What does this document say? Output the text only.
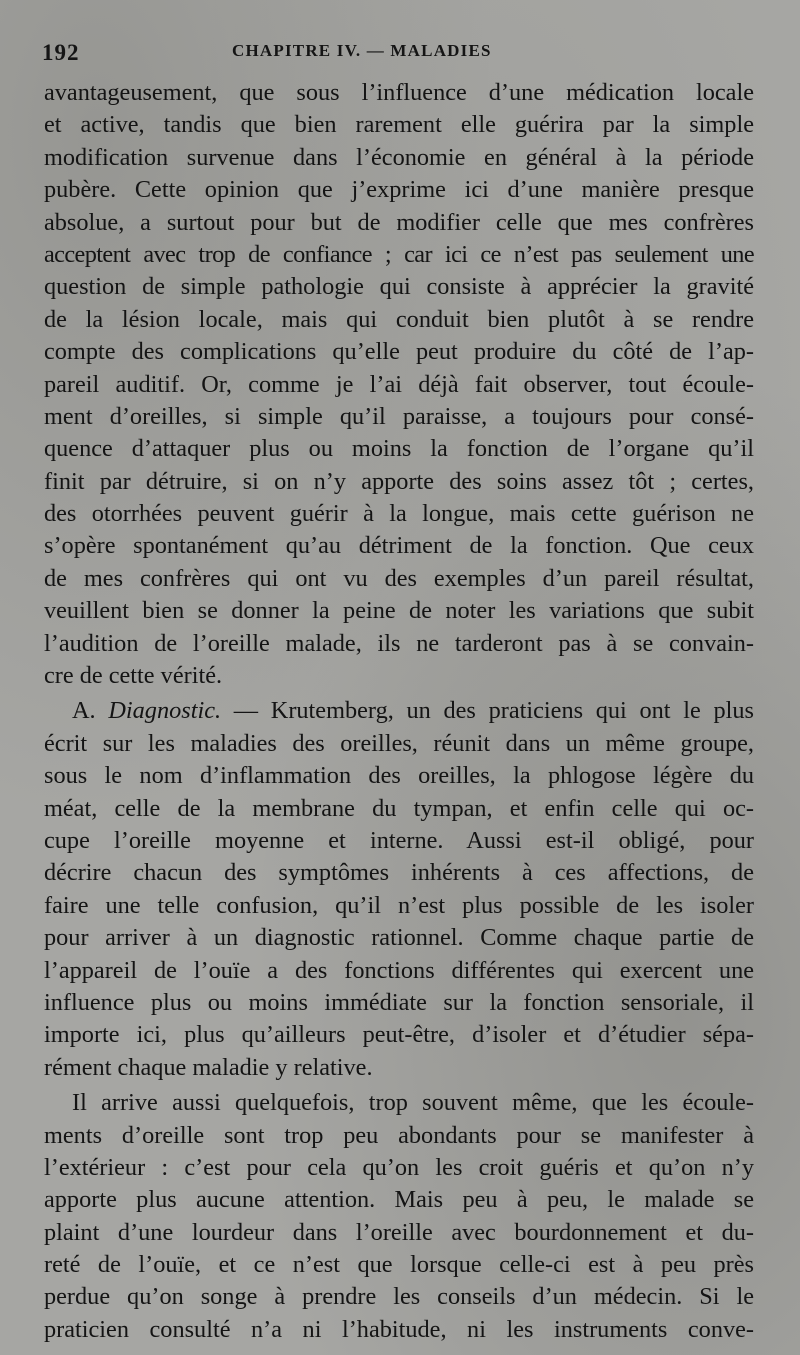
192	CHAPITRE IV. — MALADIES
avantageusement, que sous l’influence d’une médication locale
et active, tandis que bien rarement elle guérira par la simple
modification survenue dans l’économie en général à la période
pubère. Cette opinion que j’exprime ici d’une manière presque
absolue, a surtout pour but de modifier celle que mes confrères
acceptent avec trop de confiance ; car ici ce n’est pas seulement une
question de simple pathologie qui consiste à apprécier la gravité
de la lésion locale, mais qui conduit bien plutôt à se rendre
compte des complications qu’elle peut produire du côté de l’ap-
pareil auditif. Or, comme je l’ai déjà fait observer, tout écoule-
ment d’oreilles, si simple qu’il paraisse, a toujours pour consé-
quence d’attaquer plus ou moins la fonction de l’organe qu’il
finit par détruire, si on n’y apporte des soins assez tôt ; certes,
des otorrhées peuvent guérir à la longue, mais cette guérison ne
s’opère spontanément qu’au détriment de la fonction. Que ceux
de mes confrères qui ont vu des exemples d’un pareil résultat,
veuillent bien se donner la peine de noter les variations que subit
l’audition de l’oreille malade, ils ne tarderont pas à se convain-
cre de cette vérité.
A. Diagnostic. — Krutemberg, un des praticiens qui ont le plus
écrit sur les maladies des oreilles, réunit dans un même groupe,
sous le nom d’inflammation des oreilles, la phlogose légère du
méat, celle de la membrane du tympan, et enfin celle qui oc-
cupe l’oreille moyenne et interne. Aussi est-il obligé, pour
décrire chacun des symptômes inhérents à ces affections, de
faire une telle confusion, qu’il n’est plus possible de les isoler
pour arriver à un diagnostic rationnel. Comme chaque partie de
l’appareil de l’ouïe a des fonctions différentes qui exercent une
influence plus ou moins immédiate sur la fonction sensoriale, il
importe ici, plus qu’ailleurs peut-être, d’isoler et d’étudier sépa-
rément chaque maladie y relative.
Il arrive aussi quelquefois, trop souvent même, que les écoule-
ments d’oreille sont trop peu abondants pour se manifester à
l’extérieur : c’est pour cela qu’on les croit guéris et qu’on n’y
apporte plus aucune attention. Mais peu à peu, le malade se
plaint d’une lourdeur dans l’oreille avec bourdonnement et du-
reté de l’ouïe, et ce n’est que lorsque celle-ci est à peu près
perdue qu’on songe à prendre les conseils d’un médecin. Si le
praticien consulté n’a ni l’habitude, ni les instruments conve-
